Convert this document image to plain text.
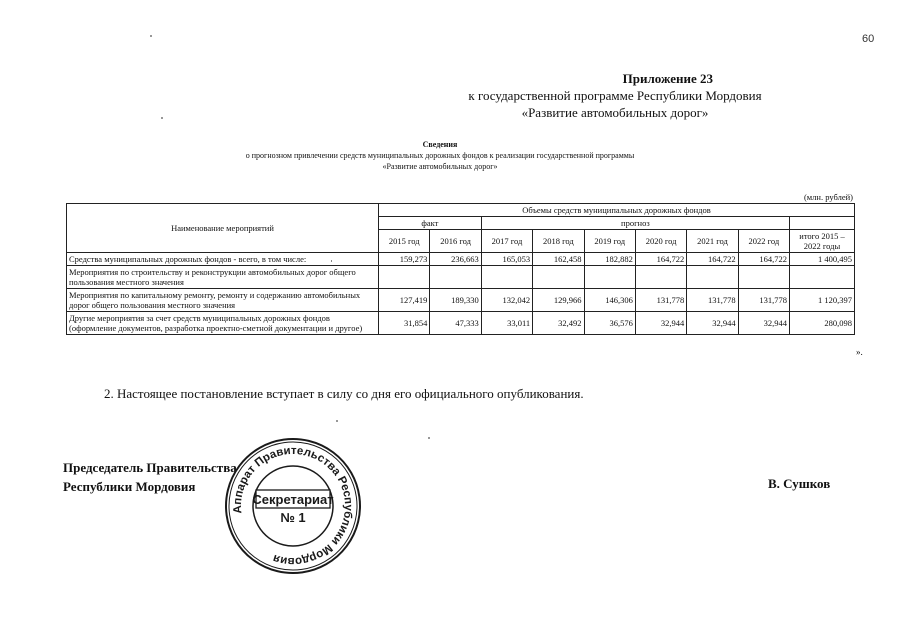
60
Приложение 23
к государственной программе Республики Мордовия
«Развитие автомобильных дорог»
Сведения
о прогнозном привлечении средств муниципальных дорожных фондов к реализации государственной программы
«Развитие автомобильных дорог»
(млн. рублей)
Наименование мероприятий	Объемы средств муниципальных дорожных фондов								
	факт		прогноз						
	2015 год	2016 год	2017 год	2018 год	2019 год	2020 год	2021 год	2022 год	итого 2015 – 2022 годы
Средства муниципальных дорожных фондов - всего, в том числе:	159,273	236,663	165,053	162,458	182,882	164,722	164,722	164,722	1 400,495
Мероприятия по строительству и реконструкции автомобильных дорог общего пользования местного значения									
Мероприятия по капитальному ремонту, ремонту и содержанию автомобильных дорог общего пользования местного значения	127,419	189,330	132,042	129,966	146,306	131,778	131,778	131,778	1 120,397
Другие мероприятия за счет средств муниципальных дорожных фондов (оформление документов, разработка проектно-сметной документации и другое)	31,854	47,333	33,011	32,492	36,576	32,944	32,944	32,944	280,098
».
2. Настоящее постановление вступает в силу со дня его официального опубликования.
Председатель Правительства
Республики Мордовия	В. Сушков
Аппарат Правительства Республики Мордовия
Секретариат
№ 1
